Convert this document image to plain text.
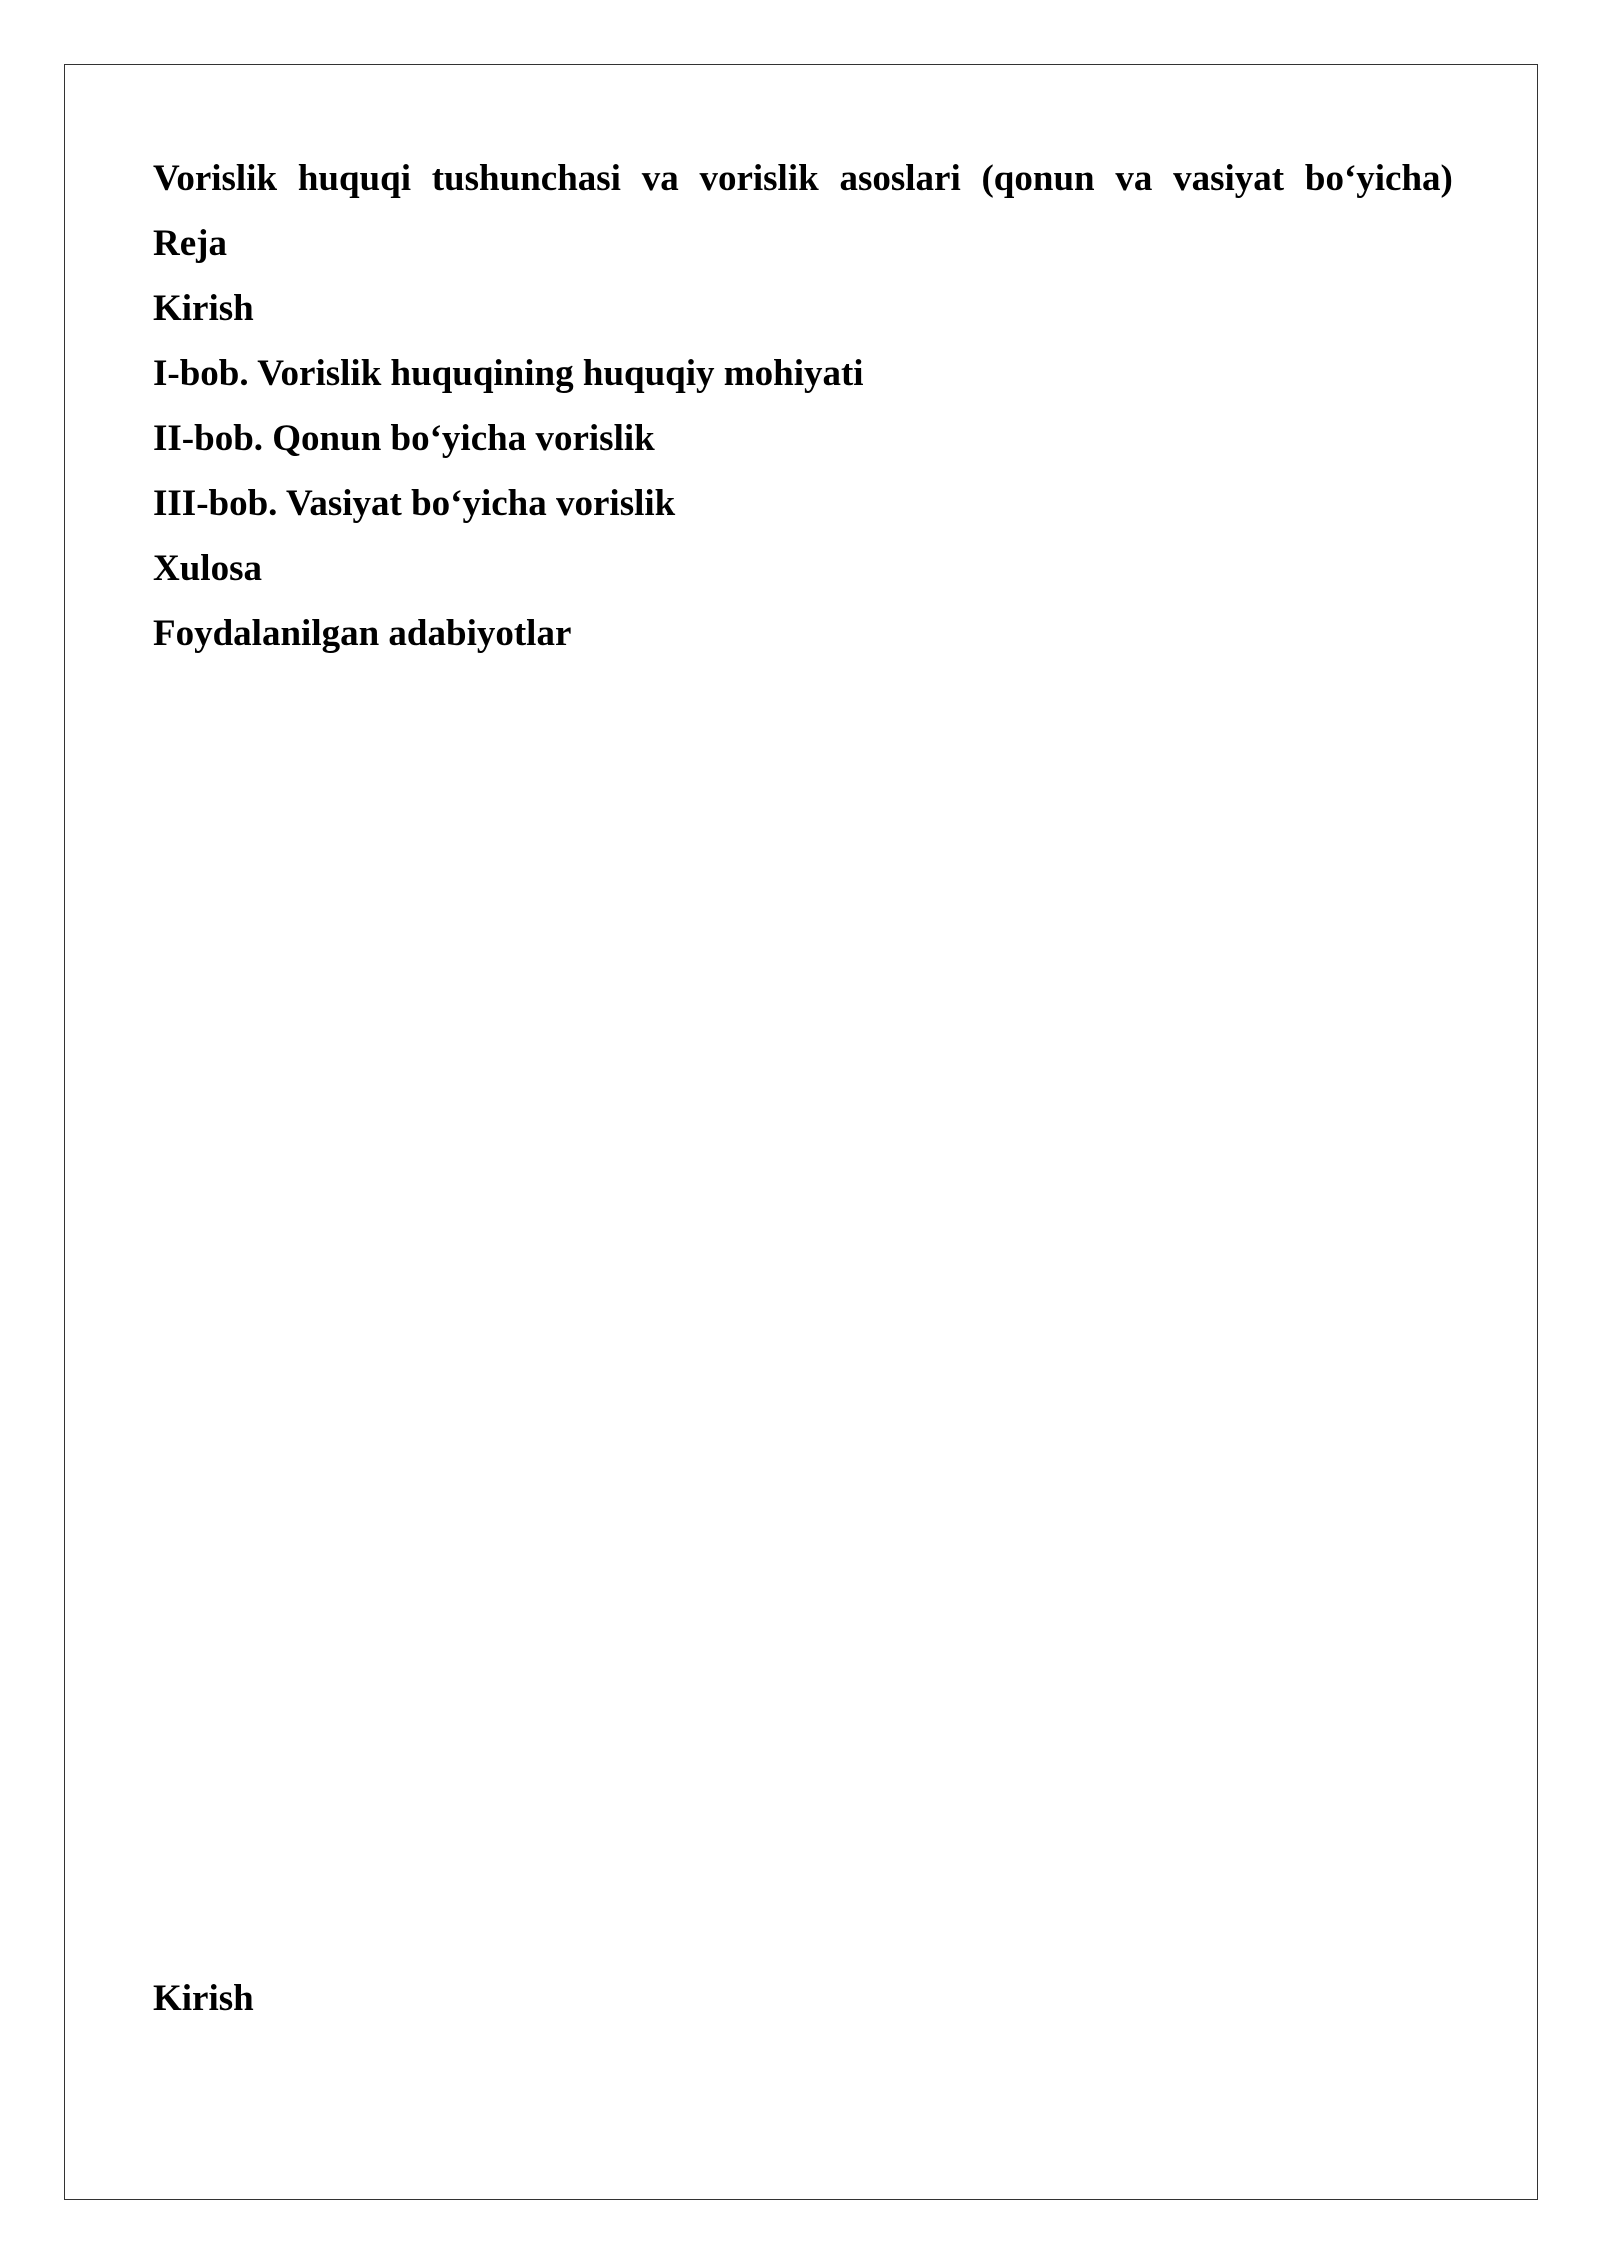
Vorislik huquqi tushunchasi va vorislik asoslari (qonun va vasiyat bo‘yicha)
Reja
Kirish
I-bob. Vorislik huquqining huquqiy mohiyati
II-bob. Qonun bo‘yicha vorislik
III-bob. Vasiyat bo‘yicha vorislik
Xulosa
Foydalanilgan adabiyotlar
Kirish
